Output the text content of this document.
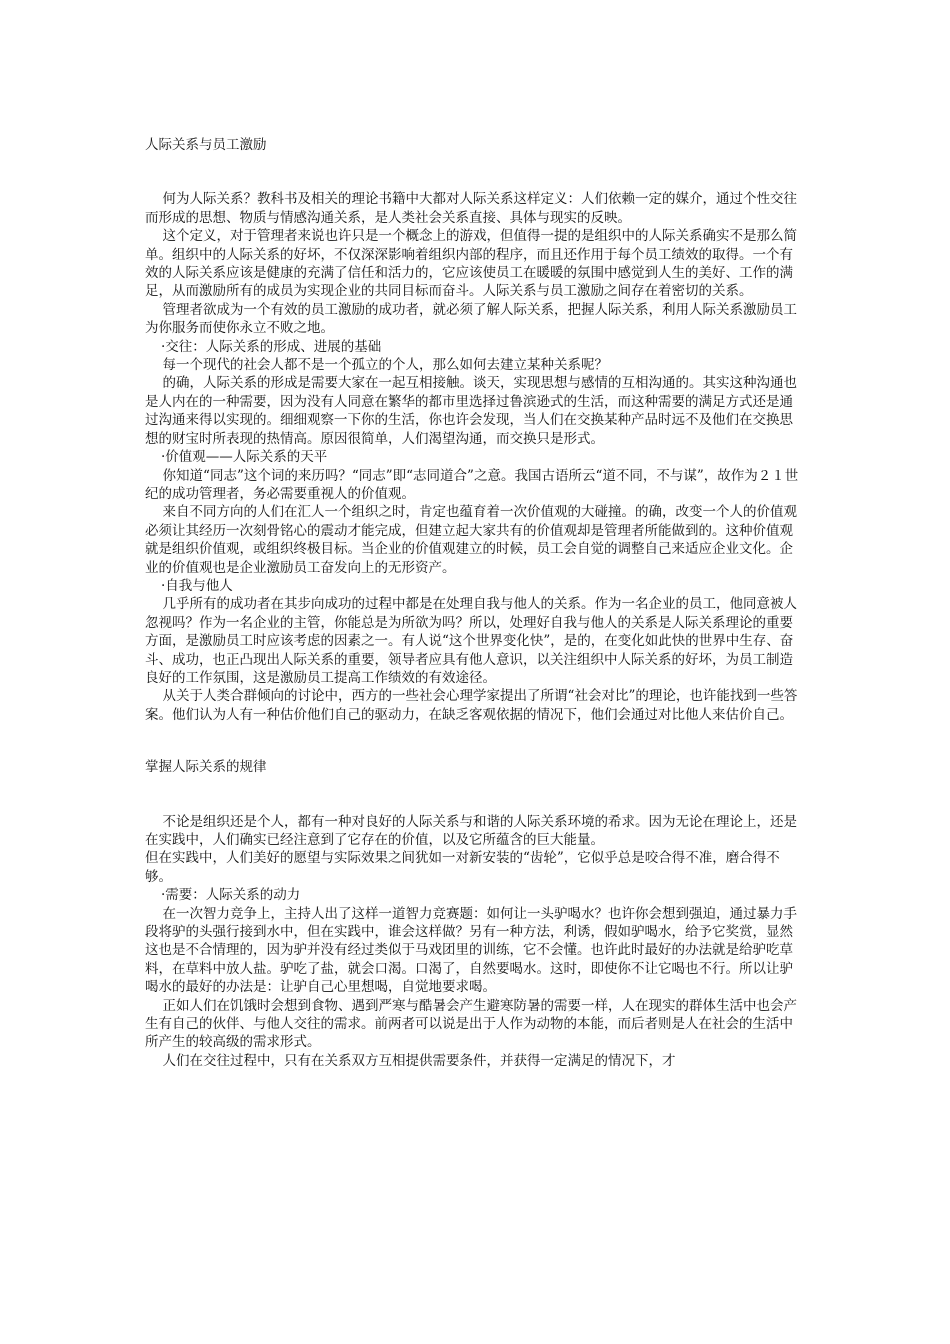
人际关系与员工激励

何为人际关系？教科书及相关的理论书籍中大都对人际关系这样定义：人们依赖一定的媒介，通过个性交往而形成的思想、物质与情感沟通关系，是人类社会关系直接、具体与现实的反映。

这个定义，对于管理者来说也许只是一个概念上的游戏，但值得一提的是组织中的人际关系确实不是那么简单。组织中的人际关系的好坏，不仅深深影响着组织内部的程序，而且还作用于每个员工绩效的取得。一个有效的人际关系应该是健康的充满了信任和活力的，它应该使员工在暖暖的氛围中感觉到人生的美好、工作的满足，从而激励所有的成员为实现企业的共同目标而奋斗。人际关系与员工激励之间存在着密切的关系。

管理者欲成为一个有效的员工激励的成功者，就必须了解人际关系，把握人际关系，利用人际关系激励员工为你服务而使你永立不败之地。

·交往：人际关系的形成、进展的基础

每一个现代的社会人都不是一个孤立的个人，那么如何去建立某种关系呢？

的确，人际关系的形成是需要大家在一起互相接触。谈天，实现思想与感情的互相沟通的。其实这种沟通也是人内在的一种需要，因为没有人同意在繁华的都市里选择过鲁滨逊式的生活，而这种需要的满足方式还是通过沟通来得以实现的。细细观察一下你的生活，你也许会发现，当人们在交换某种产品时远不及他们在交换思想的财宝时所表现的热情高。原因很简单，人们渴望沟通，而交换只是形式。

·价值观——人际关系的天平

你知道“同志”这个词的来历吗？“同志”即“志同道合”之意。我国古语所云“道不同，不与谋”，故作为２１世纪的成功管理者，务必需要重视人的价值观。

来自不同方向的人们在汇人一个组织之时，肯定也蕴育着一次价值观的大碰撞。的确，改变一个人的价值观必须让其经历一次刻骨铭心的震动才能完成，但建立起大家共有的价值观却是管理者所能做到的。这种价值观就是组织价值观，或组织终极目标。当企业的价值观建立的时候，员工会自觉的调整自己来适应企业文化。企业的价值观也是企业激励员工奋发向上的无形资产。

·自我与他人

几乎所有的成功者在其步向成功的过程中都是在处理自我与他人的关系。作为一名企业的员工，他同意被人忽视吗？作为一名企业的主管，你能总是为所欲为吗？所以，处理好自我与他人的关系是人际关系理论的重要方面，是激励员工时应该考虑的因素之一。有人说“这个世界变化快”，是的，在变化如此快的世界中生存、奋斗、成功，也正凸现出人际关系的重要，领导者应具有他人意识，以关注组织中人际关系的好坏，为员工制造良好的工作氛围，这是激励员工提高工作绩效的有效途径。

从关于人类合群倾向的讨论中，西方的一些社会心理学家提出了所谓“社会对比”的理论，也许能找到一些答案。他们认为人有一种估价他们自己的驱动力，在缺乏客观依据的情况下，他们会通过对比他人来估价自己。

掌握人际关系的规律

不论是组织还是个人，都有一种对良好的人际关系与和谐的人际关系环境的希求。因为无论在理论上，还是在实践中，人们确实已经注意到了它存在的价值，以及它所蕴含的巨大能量。

但在实践中，人们美好的愿望与实际效果之间犹如一对新安装的“齿轮”，它似乎总是咬合得不准，磨合得不够。

·需要：人际关系的动力

在一次智力竞争上，主持人出了这样一道智力竞赛题：如何让一头驴喝水？也许你会想到强迫，通过暴力手段将驴的头强行接到水中，但在实践中，谁会这样做？另有一种方法，利诱，假如驴喝水，给予它奖赏，显然这也是不合情理的，因为驴并没有经过类似于马戏团里的训练，它不会懂。也许此时最好的办法就是给驴吃草料，在草料中放人盐。驴吃了盐，就会口渴。口渴了，自然要喝水。这时，即使你不让它喝也不行。所以让驴喝水的最好的办法是：让驴自己心里想喝，自觉地要求喝。

正如人们在饥饿时会想到食物、遇到严寒与酷暑会产生避寒防暑的需要一样，人在现实的群体生活中也会产生有自己的伙伴、与他人交往的需求。前两者可以说是出于人作为动物的本能，而后者则是人在社会的生活中所产生的较高级的需求形式。

人们在交往过程中，只有在关系双方互相提供需要条件，并获得一定满足的情况下，才
